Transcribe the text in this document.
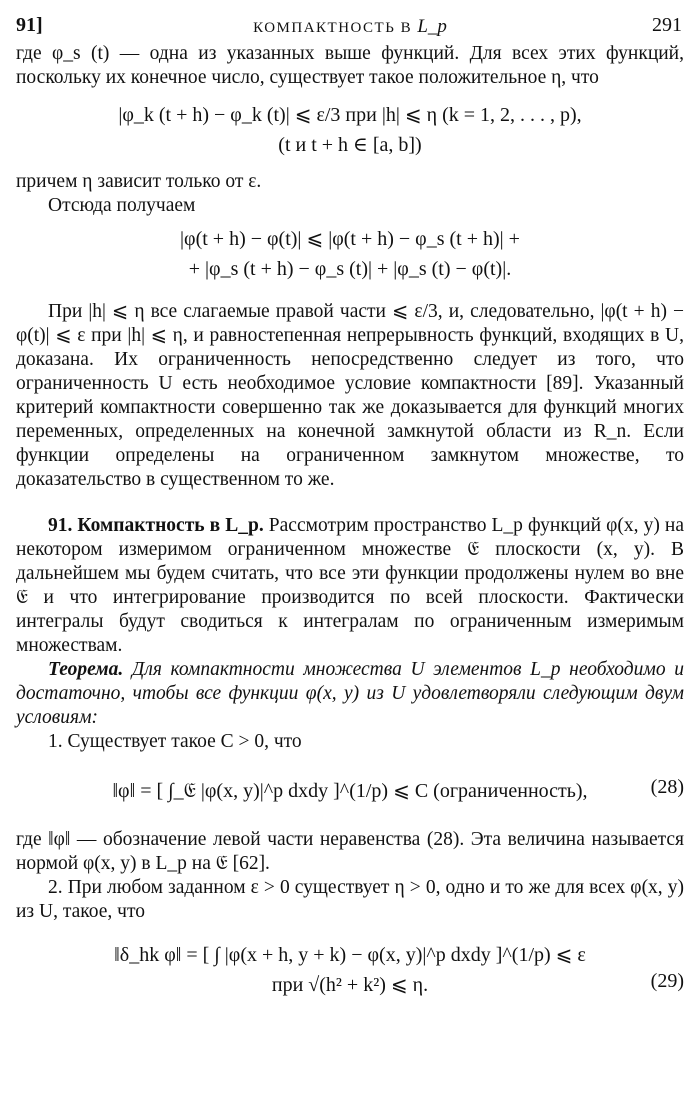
91]	КОМПАКТНОСТЬ В L_p	291

где φ_s (t) — одна из указанных выше функций. Для всех этих функций, поскольку их конечное число, существует такое положительное η, что

|φ_k (t + h) − φ_k (t)| ⩽ ε/3 при |h| ⩽ η (k = 1, 2, . . . , p),

(t и t + h ∈ [a, b])

причем η зависит только от ε.

Отсюда получаем

|φ(t + h) − φ(t)| ⩽ |φ(t + h) − φ_s (t + h)| +

+ |φ_s (t + h) − φ_s (t)| + |φ_s (t) − φ(t)|.

При |h| ⩽ η все слагаемые правой части ⩽ ε/3, и, следовательно, |φ(t + h) − φ(t)| ⩽ ε при |h| ⩽ η, и равностепенная непрерывность функций, входящих в U, доказана. Их ограниченность непосредственно следует из того, что ограниченность U есть необходимое условие компактности [89]. Указанный критерий компактности совершенно так же доказывается для функций многих переменных, определенных на конечной замкнутой области из R_n. Если функции определены на ограниченном замкнутом множестве, то доказательство в существенном то же.

91. Компактность в L_p. Рассмотрим пространство L_p функций φ(x, y) на некотором измеримом ограниченном множестве 𝔈 плоскости (x, y). В дальнейшем мы будем считать, что все эти функции продолжены нулем во вне 𝔈 и что интегрирование производится по всей плоскости. Фактически интегралы будут сводиться к интегралам по ограниченным измеримым множествам.

Теорема. Для компактности множества U элементов L_p необходимо и достаточно, чтобы все функции φ(x, y) из U удовлетворяли следующим двум условиям:

1. Существует такое C > 0, что

‖φ‖ = [ ∫_𝔈 |φ(x, y)|^p dxdy ]^(1/p) ⩽ C (ограниченность),	(28)

где ‖φ‖ — обозначение левой части неравенства (28). Эта величина называется нормой φ(x, y) в L_p на 𝔈 [62].

2. При любом заданном ε > 0 существует η > 0, одно и то же для всех φ(x, y) из U, такое, что

‖δ_hk φ‖ = [ ∫ |φ(x + h, y + k) − φ(x, y)|^p dxdy ]^(1/p) ⩽ ε

при √(h² + k²) ⩽ η.	(29)
